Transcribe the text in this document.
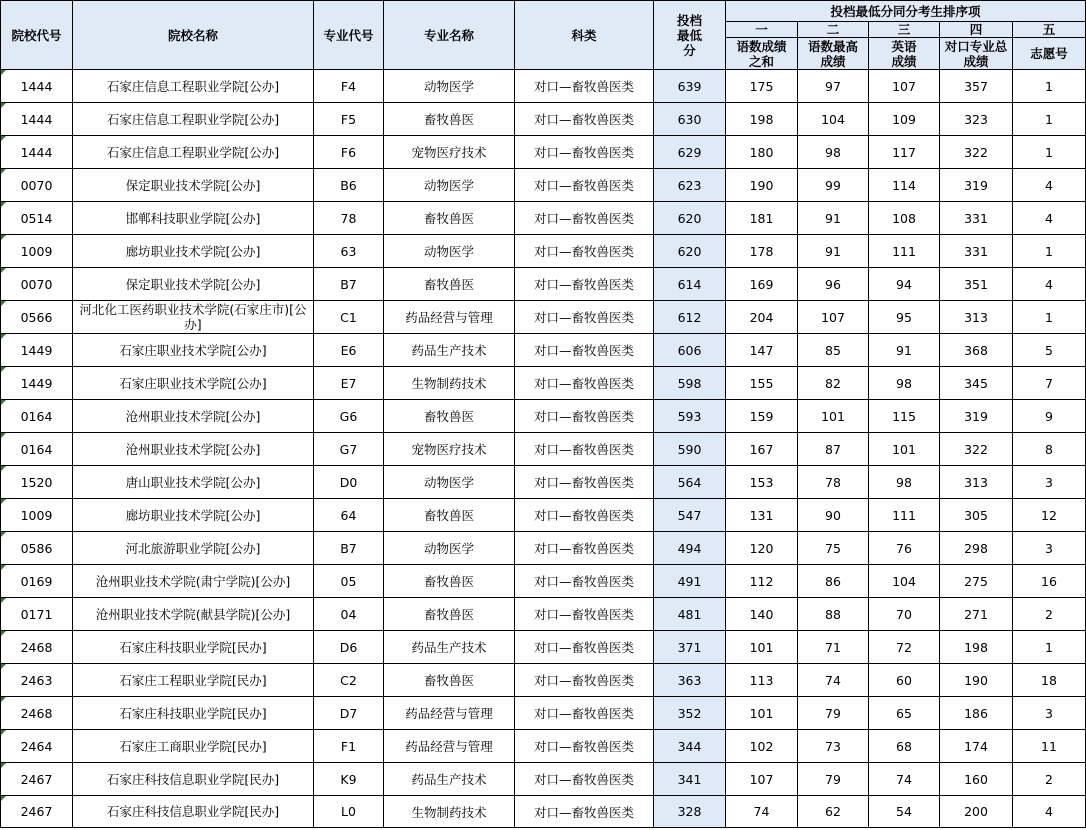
院校代号	院校名称	专业代号	专业名称	科类	投档最低分	投档最低分同分考生排序项				
						一	二	三	四	五
						语数成绩之和	语数最高成绩	英语成绩	对口专业总成绩	志愿号
1444	石家庄信息工程职业学院[公办]	F4	动物医学	对口—畜牧兽医类	639	175	97	107	357	1
1444	石家庄信息工程职业学院[公办]	F5	畜牧兽医	对口—畜牧兽医类	630	198	104	109	323	1
1444	石家庄信息工程职业学院[公办]	F6	宠物医疗技术	对口—畜牧兽医类	629	180	98	117	322	1
0070	保定职业技术学院[公办]	B6	动物医学	对口—畜牧兽医类	623	190	99	114	319	4
0514	邯郸科技职业学院[公办]	78	畜牧兽医	对口—畜牧兽医类	620	181	91	108	331	4
1009	廊坊职业技术学院[公办]	63	动物医学	对口—畜牧兽医类	620	178	91	111	331	1
0070	保定职业技术学院[公办]	B7	畜牧兽医	对口—畜牧兽医类	614	169	96	94	351	4
0566	河北化工医药职业技术学院(石家庄市)[公办]	C1	药品经营与管理	对口—畜牧兽医类	612	204	107	95	313	1
1449	石家庄职业技术学院[公办]	E6	药品生产技术	对口—畜牧兽医类	606	147	85	91	368	5
1449	石家庄职业技术学院[公办]	E7	生物制药技术	对口—畜牧兽医类	598	155	82	98	345	7
0164	沧州职业技术学院[公办]	G6	畜牧兽医	对口—畜牧兽医类	593	159	101	115	319	9
0164	沧州职业技术学院[公办]	G7	宠物医疗技术	对口—畜牧兽医类	590	167	87	101	322	8
1520	唐山职业技术学院[公办]	D0	动物医学	对口—畜牧兽医类	564	153	78	98	313	3
1009	廊坊职业技术学院[公办]	64	畜牧兽医	对口—畜牧兽医类	547	131	90	111	305	12
0586	河北旅游职业学院[公办]	B7	动物医学	对口—畜牧兽医类	494	120	75	76	298	3
0169	沧州职业技术学院(肃宁学院)[公办]	05	畜牧兽医	对口—畜牧兽医类	491	112	86	104	275	16
0171	沧州职业技术学院(献县学院)[公办]	04	畜牧兽医	对口—畜牧兽医类	481	140	88	70	271	2
2468	石家庄科技职业学院[民办]	D6	药品生产技术	对口—畜牧兽医类	371	101	71	72	198	1
2463	石家庄工程职业学院[民办]	C2	畜牧兽医	对口—畜牧兽医类	363	113	74	60	190	18
2468	石家庄科技职业学院[民办]	D7	药品经营与管理	对口—畜牧兽医类	352	101	79	65	186	3
2464	石家庄工商职业学院[民办]	F1	药品经营与管理	对口—畜牧兽医类	344	102	73	68	174	11
2467	石家庄科技信息职业学院[民办]	K9	药品生产技术	对口—畜牧兽医类	341	107	79	74	160	2
2467	石家庄科技信息职业学院[民办]	L0	生物制药技术	对口—畜牧兽医类	328	74	62	54	200	4
